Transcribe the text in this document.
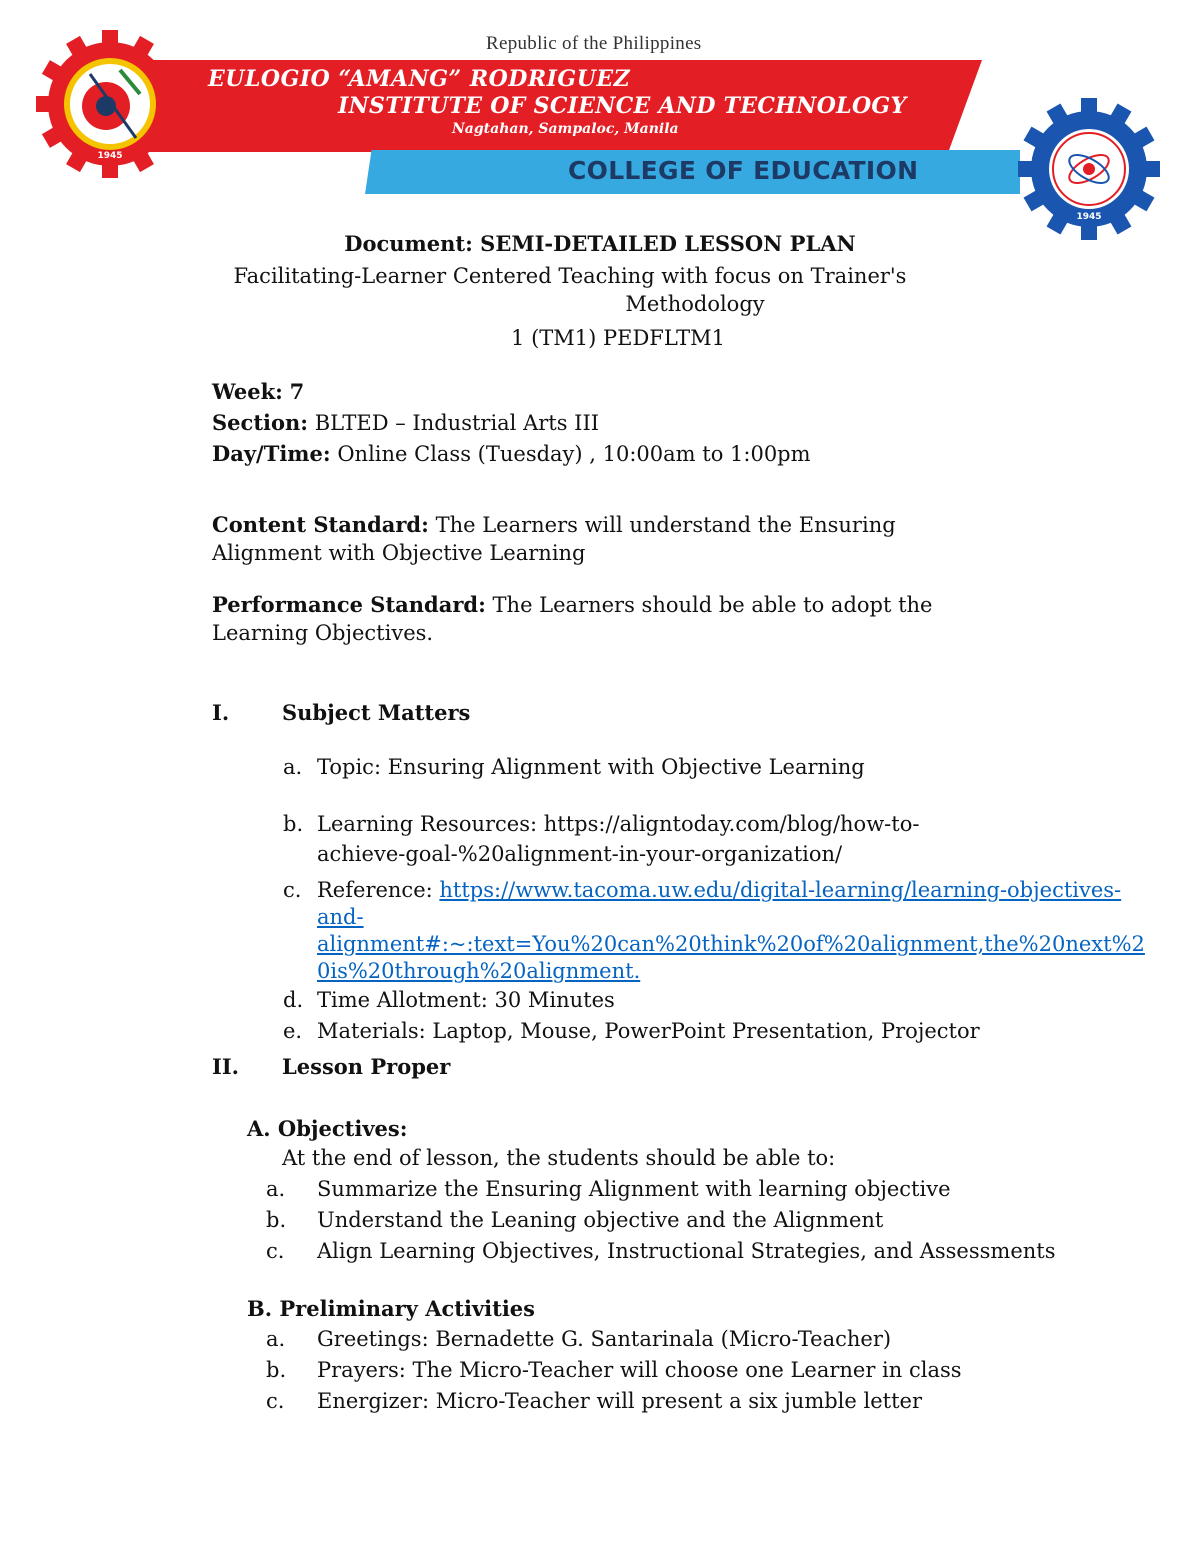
Republic of the Philippines
EULOGIO “AMANG” RODRIGUEZ
INSTITUTE OF SCIENCE AND TECHNOLOGY
Nagtahan, Sampaloc, Manila
COLLEGE OF EDUCATION
1945
1945
Document: SEMI-DETAILED LESSON PLAN
Facilitating-Learner Centered Teaching with focus on Trainer's
Methodology
1 (TM1) PEDFLTM1
Week: 7
Section: BLTED – Industrial Arts III
Day/Time: Online Class (Tuesday) , 10:00am to 1:00pm
Content Standard: The Learners will understand the Ensuring
Alignment with Objective Learning
Performance Standard: The Learners should be able to adopt the
Learning Objectives.
I.	Subject Matters
a. Topic: Ensuring Alignment with Objective Learning
b. Learning Resources: https://aligntoday.com/blog/how-to-
achieve-goal-%20alignment-in-your-organization/
c. Reference: https://www.tacoma.uw.edu/digital-learning/learning-objectives-
and-
alignment#:~:text=You%20can%20think%20of%20alignment,the%20next%2
0is%20through%20alignment.
d. Time Allotment: 30 Minutes
e. Materials: Laptop, Mouse, PowerPoint Presentation, Projector
II. Lesson Proper
A. Objectives:
At the end of lesson, the students should be able to:
a. Summarize the Ensuring Alignment with learning objective
b. Understand the Leaning objective and the Alignment
c. Align Learning Objectives, Instructional Strategies, and Assessments
B. Preliminary Activities
a. Greetings: Bernadette G. Santarinala (Micro-Teacher)
b. Prayers: The Micro-Teacher will choose one Learner in class
c. Energizer: Micro-Teacher will present a six jumble letter
